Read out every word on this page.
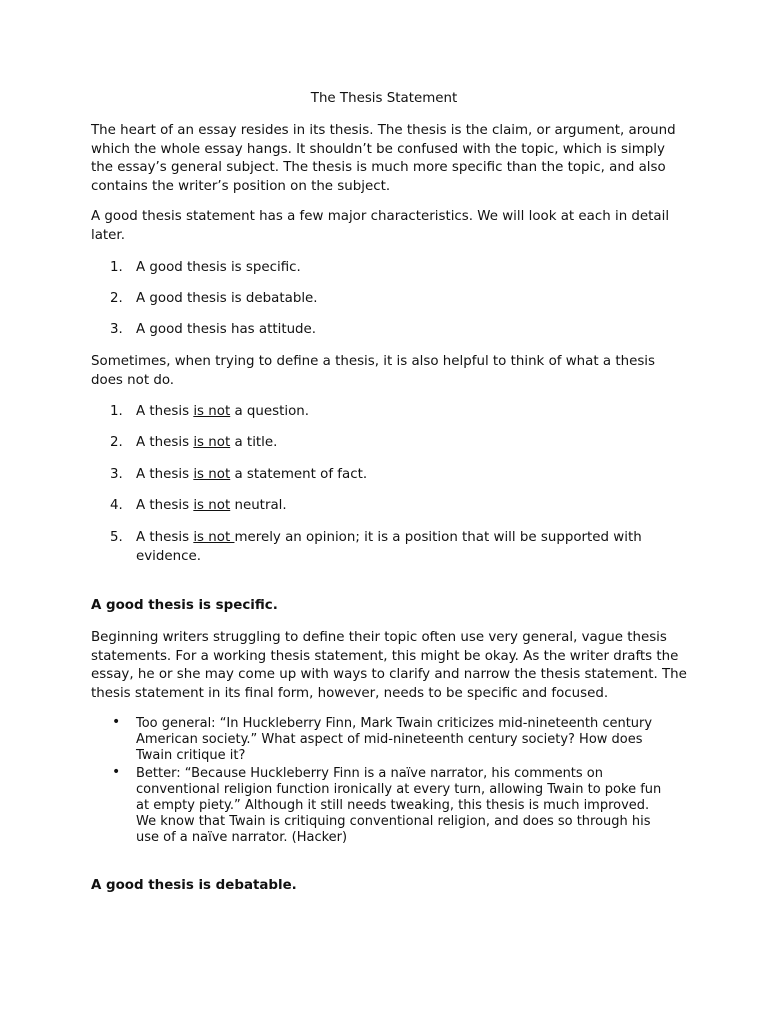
The Thesis Statement

The heart of an essay resides in its thesis. The thesis is the claim, or argument, around which the whole essay hangs. It shouldn’t be confused with the topic, which is simply the essay’s general subject. The thesis is much more specific than the topic, and also contains the writer’s position on the subject.

A good thesis statement has a few major characteristics. We will look at each in detail later.

1. A good thesis is specific.
2. A good thesis is debatable.
3. A good thesis has attitude.

Sometimes, when trying to define a thesis, it is also helpful to think of what a thesis does not do.

1. A thesis is not a question.
2. A thesis is not a title.
3. A thesis is not a statement of fact.
4. A thesis is not neutral.
5. A thesis is not merely an opinion; it is a position that will be supported with evidence.
A good thesis is specific.

Beginning writers struggling to define their topic often use very general, vague thesis statements. For a working thesis statement, this might be okay. As the writer drafts the essay, he or she may come up with ways to clarify and narrow the thesis statement. The thesis statement in its final form, however, needs to be specific and focused.

• Too general: “In Huckleberry Finn, Mark Twain criticizes mid-nineteenth century American society.” What aspect of mid-nineteenth century society? How does Twain critique it?
• Better: “Because Huckleberry Finn is a naïve narrator, his comments on conventional religion function ironically at every turn, allowing Twain to poke fun at empty piety.” Although it still needs tweaking, this thesis is much improved. We know that Twain is critiquing conventional religion, and does so through his use of a naïve narrator. (Hacker)
A good thesis is debatable.
